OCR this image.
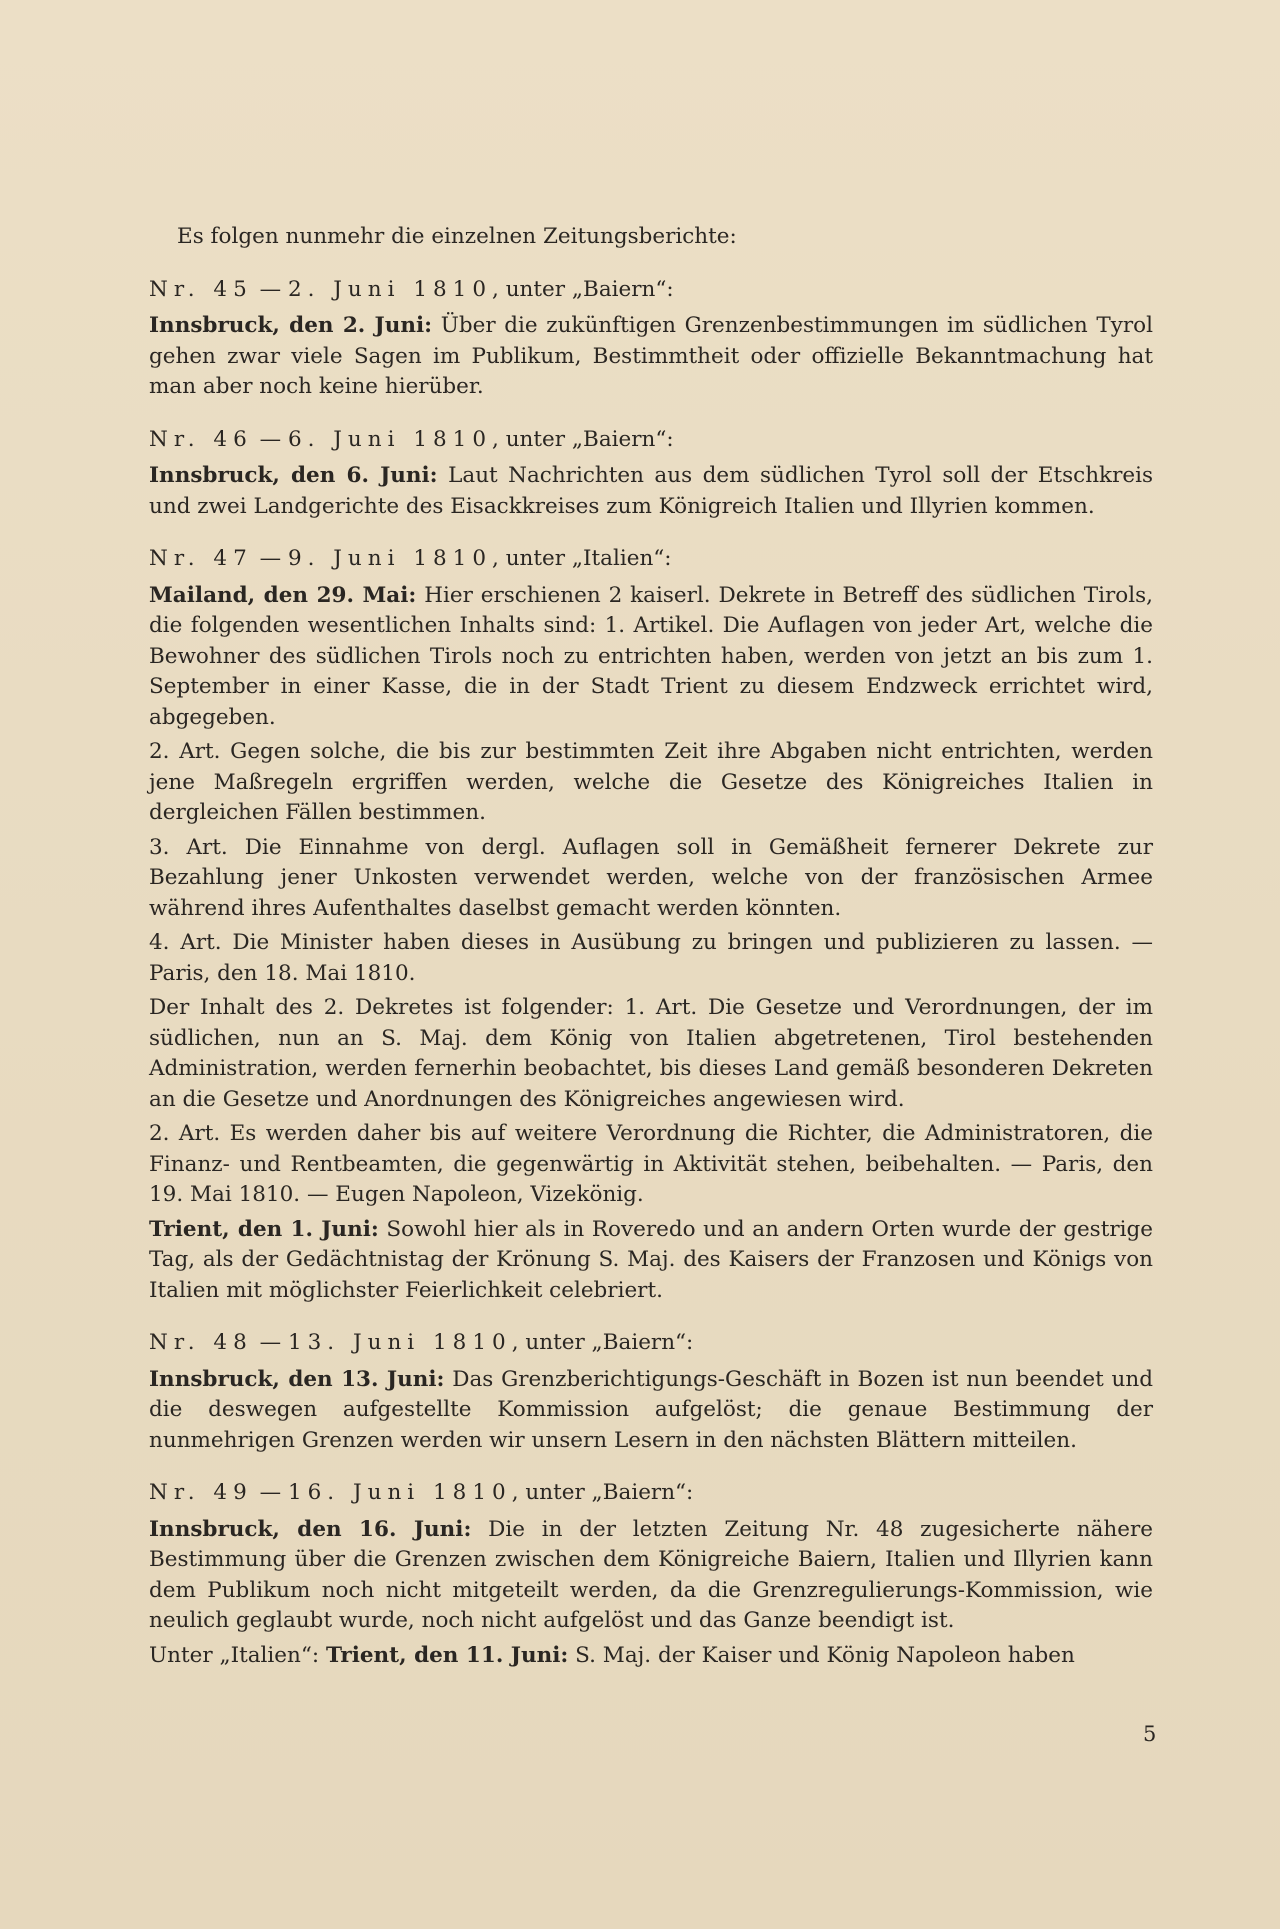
Es folgen nunmehr die einzelnen Zeitungsberichte:
Nr. 45 — 2. Juni 1810, unter „Baiern“:

Innsbruck, den 2. Juni: Über die zukünftigen Grenzenbestimmungen im südlichen Tyrol gehen zwar viele Sagen im Publikum, Bestimmtheit oder offizielle Bekanntmachung hat man aber noch keine hierüber.

Nr. 46 — 6. Juni 1810, unter „Baiern“:

Innsbruck, den 6. Juni: Laut Nachrichten aus dem südlichen Tyrol soll der Etschkreis und zwei Landgerichte des Eisackkreises zum Königreich Italien und Illyrien kommen.

Nr. 47 — 9. Juni 1810, unter „Italien“:

Mailand, den 29. Mai: Hier erschienen 2 kaiserl. Dekrete in Betreff des südlichen Tirols, die folgenden wesentlichen Inhalts sind: 1. Artikel. Die Auflagen von jeder Art, welche die Bewohner des südlichen Tirols noch zu entrichten haben, werden von jetzt an bis zum 1. September in einer Kasse, die in der Stadt Trient zu diesem Endzweck errichtet wird, abgegeben.

2. Art. Gegen solche, die bis zur bestimmten Zeit ihre Abgaben nicht entrichten, werden jene Maßregeln ergriffen werden, welche die Gesetze des Königreiches Italien in dergleichen Fällen bestimmen.

3. Art. Die Einnahme von dergl. Auflagen soll in Gemäßheit fernerer Dekrete zur Bezahlung jener Unkosten verwendet werden, welche von der französischen Armee während ihres Aufenthaltes daselbst gemacht werden könnten.

4. Art. Die Minister haben dieses in Ausübung zu bringen und publizieren zu lassen. — Paris, den 18. Mai 1810.

Der Inhalt des 2. Dekretes ist folgender: 1. Art. Die Gesetze und Verordnungen, der im südlichen, nun an S. Maj. dem König von Italien abgetretenen, Tirol bestehenden Administration, werden fernerhin beobachtet, bis dieses Land gemäß besonderen Dekreten an die Gesetze und Anordnungen des Königreiches angewiesen wird.

2. Art. Es werden daher bis auf weitere Verordnung die Richter, die Administratoren, die Finanz- und Rentbeamten, die gegenwärtig in Aktivität stehen, beibehalten. — Paris, den 19. Mai 1810. — Eugen Napoleon, Vizekönig.

Trient, den 1. Juni: Sowohl hier als in Roveredo und an andern Orten wurde der gestrige Tag, als der Gedächtnistag der Krönung S. Maj. des Kaisers der Franzosen und Königs von Italien mit möglichster Feierlichkeit celebriert.

Nr. 48 — 13. Juni 1810, unter „Baiern“:

Innsbruck, den 13. Juni: Das Grenzberichtigungs-Geschäft in Bozen ist nun beendet und die deswegen aufgestellte Kommission aufgelöst; die genaue Bestimmung der nunmehrigen Grenzen werden wir unsern Lesern in den nächsten Blättern mitteilen.

Nr. 49 — 16. Juni 1810, unter „Baiern“:

Innsbruck, den 16. Juni: Die in der letzten Zeitung Nr. 48 zugesicherte nähere Bestimmung über die Grenzen zwischen dem Königreiche Baiern, Italien und Illyrien kann dem Publikum noch nicht mitgeteilt werden, da die Grenzregulierungs-Kommission, wie neulich geglaubt wurde, noch nicht aufgelöst und das Ganze beendigt ist.

Unter „Italien“: Trient, den 11. Juni: S. Maj. der Kaiser und König Napoleon haben

5
